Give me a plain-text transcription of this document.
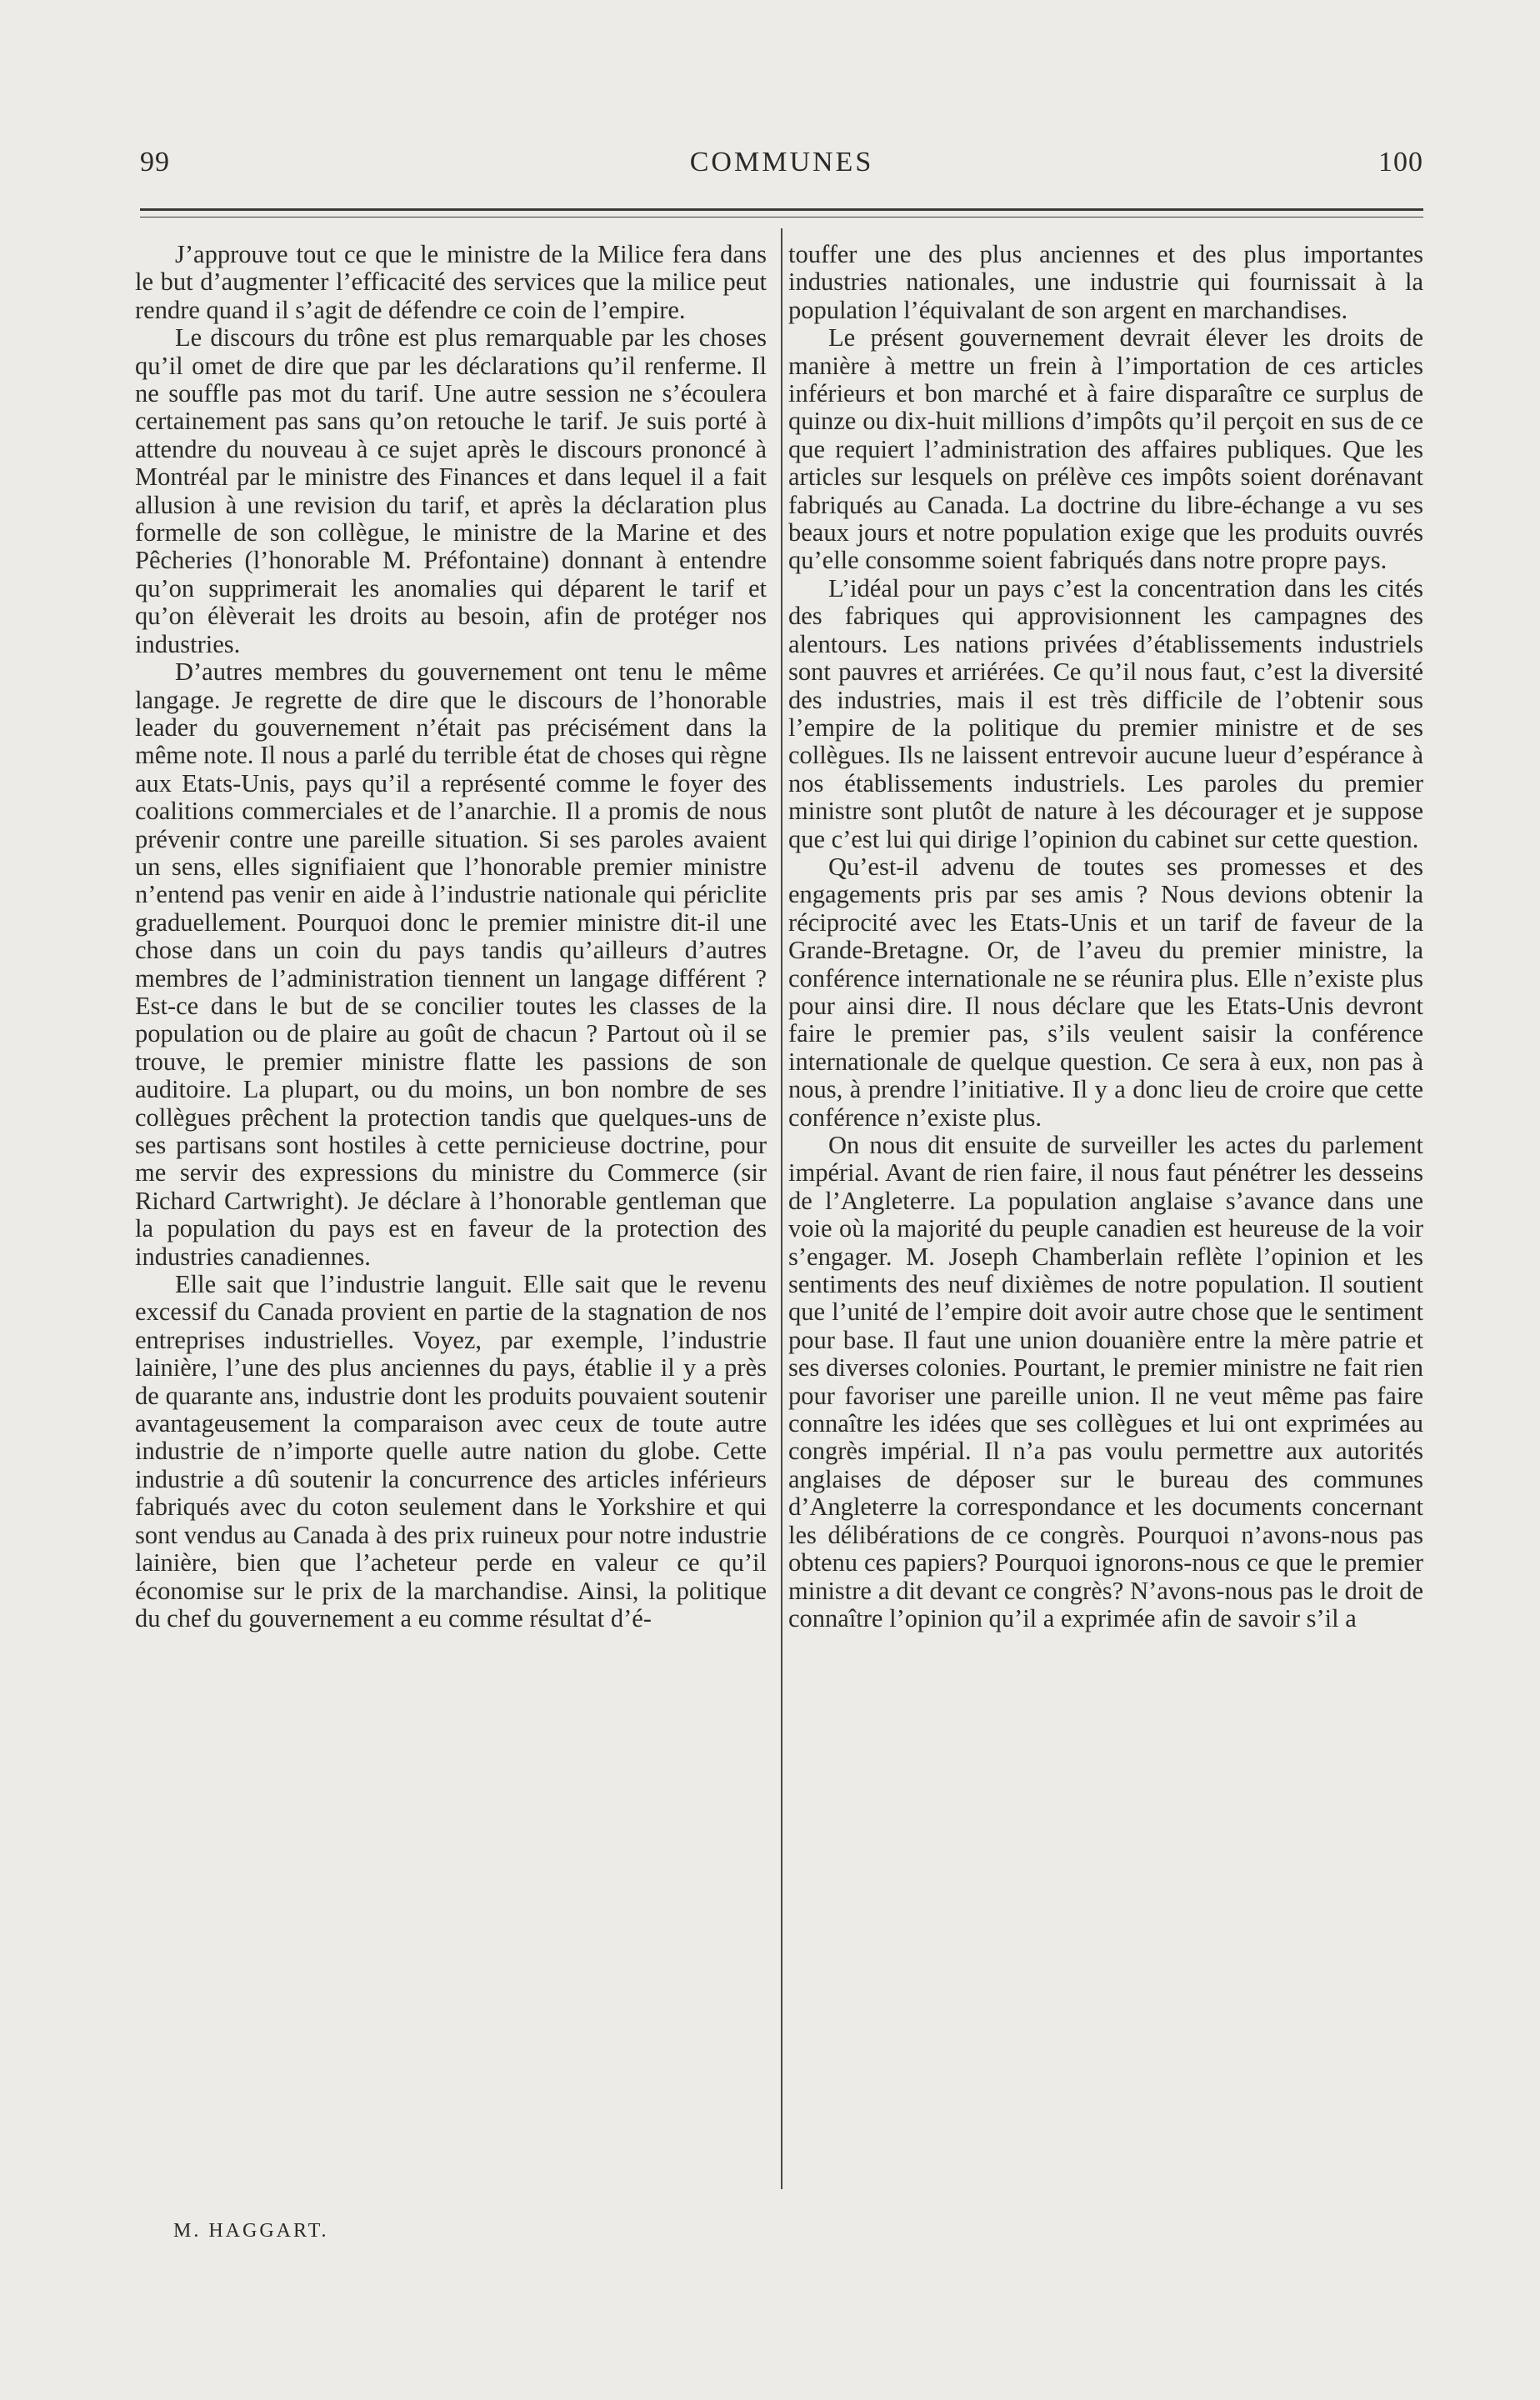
99	COMMUNES	100

J’approuve tout ce que le ministre de la Milice fera dans le but d’augmenter l’efficacité des services que la milice peut rendre quand il s’agit de défendre ce coin de l’empire.

Le discours du trône est plus remarquable par les choses qu’il omet de dire que par les déclarations qu’il renferme. Il ne souffle pas mot du tarif. Une autre session ne s’écoulera certainement pas sans qu’on retouche le tarif. Je suis porté à attendre du nouveau à ce sujet après le discours prononcé à Montréal par le ministre des Finances et dans lequel il a fait allusion à une revision du tarif, et après la déclaration plus formelle de son collègue, le ministre de la Marine et des Pêcheries (l’honorable M. Préfontaine) donnant à entendre qu’on supprimerait les anomalies qui déparent le tarif et qu’on élèverait les droits au besoin, afin de protéger nos industries.

D’autres membres du gouvernement ont tenu le même langage. Je regrette de dire que le discours de l’honorable leader du gouvernement n’était pas précisément dans la même note. Il nous a parlé du terrible état de choses qui règne aux Etats-Unis, pays qu’il a représenté comme le foyer des coalitions commerciales et de l’anarchie. Il a promis de nous prévenir contre une pareille situation. Si ses paroles avaient un sens, elles signifiaient que l’honorable premier ministre n’entend pas venir en aide à l’industrie nationale qui périclite graduellement. Pourquoi donc le premier ministre dit-il une chose dans un coin du pays tandis qu’ailleurs d’autres membres de l’administration tiennent un langage différent ? Est-ce dans le but de se concilier toutes les classes de la population ou de plaire au goût de chacun ? Partout où il se trouve, le premier ministre flatte les passions de son auditoire. La plupart, ou du moins, un bon nombre de ses collègues prêchent la protection tandis que quelques-uns de ses partisans sont hostiles à cette pernicieuse doctrine, pour me servir des expressions du ministre du Commerce (sir Richard Cartwright). Je déclare à l’honorable gentleman que la population du pays est en faveur de la protection des industries canadiennes.

Elle sait que l’industrie languit. Elle sait que le revenu excessif du Canada provient en partie de la stagnation de nos entreprises industrielles. Voyez, par exemple, l’industrie lainière, l’une des plus anciennes du pays, établie il y a près de quarante ans, industrie dont les produits pouvaient soutenir avantageusement la comparaison avec ceux de toute autre industrie de n’importe quelle autre nation du globe. Cette industrie a dû soutenir la concurrence des articles inférieurs fabriqués avec du coton seulement dans le Yorkshire et qui sont vendus au Canada à des prix ruineux pour notre industrie lainière, bien que l’acheteur perde en valeur ce qu’il économise sur le prix de la marchandise. Ainsi, la politique du chef du gouvernement a eu comme résultat d’é-

touffer une des plus anciennes et des plus importantes industries nationales, une industrie qui fournissait à la population l’équivalant de son argent en marchandises.

Le présent gouvernement devrait élever les droits de manière à mettre un frein à l’importation de ces articles inférieurs et bon marché et à faire disparaître ce surplus de quinze ou dix-huit millions d’impôts qu’il perçoit en sus de ce que requiert l’administration des affaires publiques. Que les articles sur lesquels on prélève ces impôts soient dorénavant fabriqués au Canada. La doctrine du libre-échange a vu ses beaux jours et notre population exige que les produits ouvrés qu’elle consomme soient fabriqués dans notre propre pays.

L’idéal pour un pays c’est la concentration dans les cités des fabriques qui approvisionnent les campagnes des alentours. Les nations privées d’établissements industriels sont pauvres et arriérées. Ce qu’il nous faut, c’est la diversité des industries, mais il est très difficile de l’obtenir sous l’empire de la politique du premier ministre et de ses collègues. Ils ne laissent entrevoir aucune lueur d’espérance à nos établissements industriels. Les paroles du premier ministre sont plutôt de nature à les décourager et je suppose que c’est lui qui dirige l’opinion du cabinet sur cette question.

Qu’est-il advenu de toutes ses promesses et des engagements pris par ses amis ? Nous devions obtenir la réciprocité avec les Etats-Unis et un tarif de faveur de la Grande-Bretagne. Or, de l’aveu du premier ministre, la conférence internationale ne se réunira plus. Elle n’existe plus pour ainsi dire. Il nous déclare que les Etats-Unis devront faire le premier pas, s’ils veulent saisir la conférence internationale de quelque question. Ce sera à eux, non pas à nous, à prendre l’initiative. Il y a donc lieu de croire que cette conférence n’existe plus.

On nous dit ensuite de surveiller les actes du parlement impérial. Avant de rien faire, il nous faut pénétrer les desseins de l’Angleterre. La population anglaise s’avance dans une voie où la majorité du peuple canadien est heureuse de la voir s’engager. M. Joseph Chamberlain reflète l’opinion et les sentiments des neuf dixièmes de notre population. Il soutient que l’unité de l’empire doit avoir autre chose que le sentiment pour base. Il faut une union douanière entre la mère patrie et ses diverses colonies. Pourtant, le premier ministre ne fait rien pour favoriser une pareille union. Il ne veut même pas faire connaître les idées que ses collègues et lui ont exprimées au congrès impérial. Il n’a pas voulu permettre aux autorités anglaises de déposer sur le bureau des communes d’Angleterre la correspondance et les documents concernant les délibérations de ce congrès. Pourquoi n’avons-nous pas obtenu ces papiers? Pourquoi ignorons-nous ce que le premier ministre a dit devant ce congrès? N’avons-nous pas le droit de connaître l’opinion qu’il a exprimée afin de savoir s’il a

M. HAGGART.
